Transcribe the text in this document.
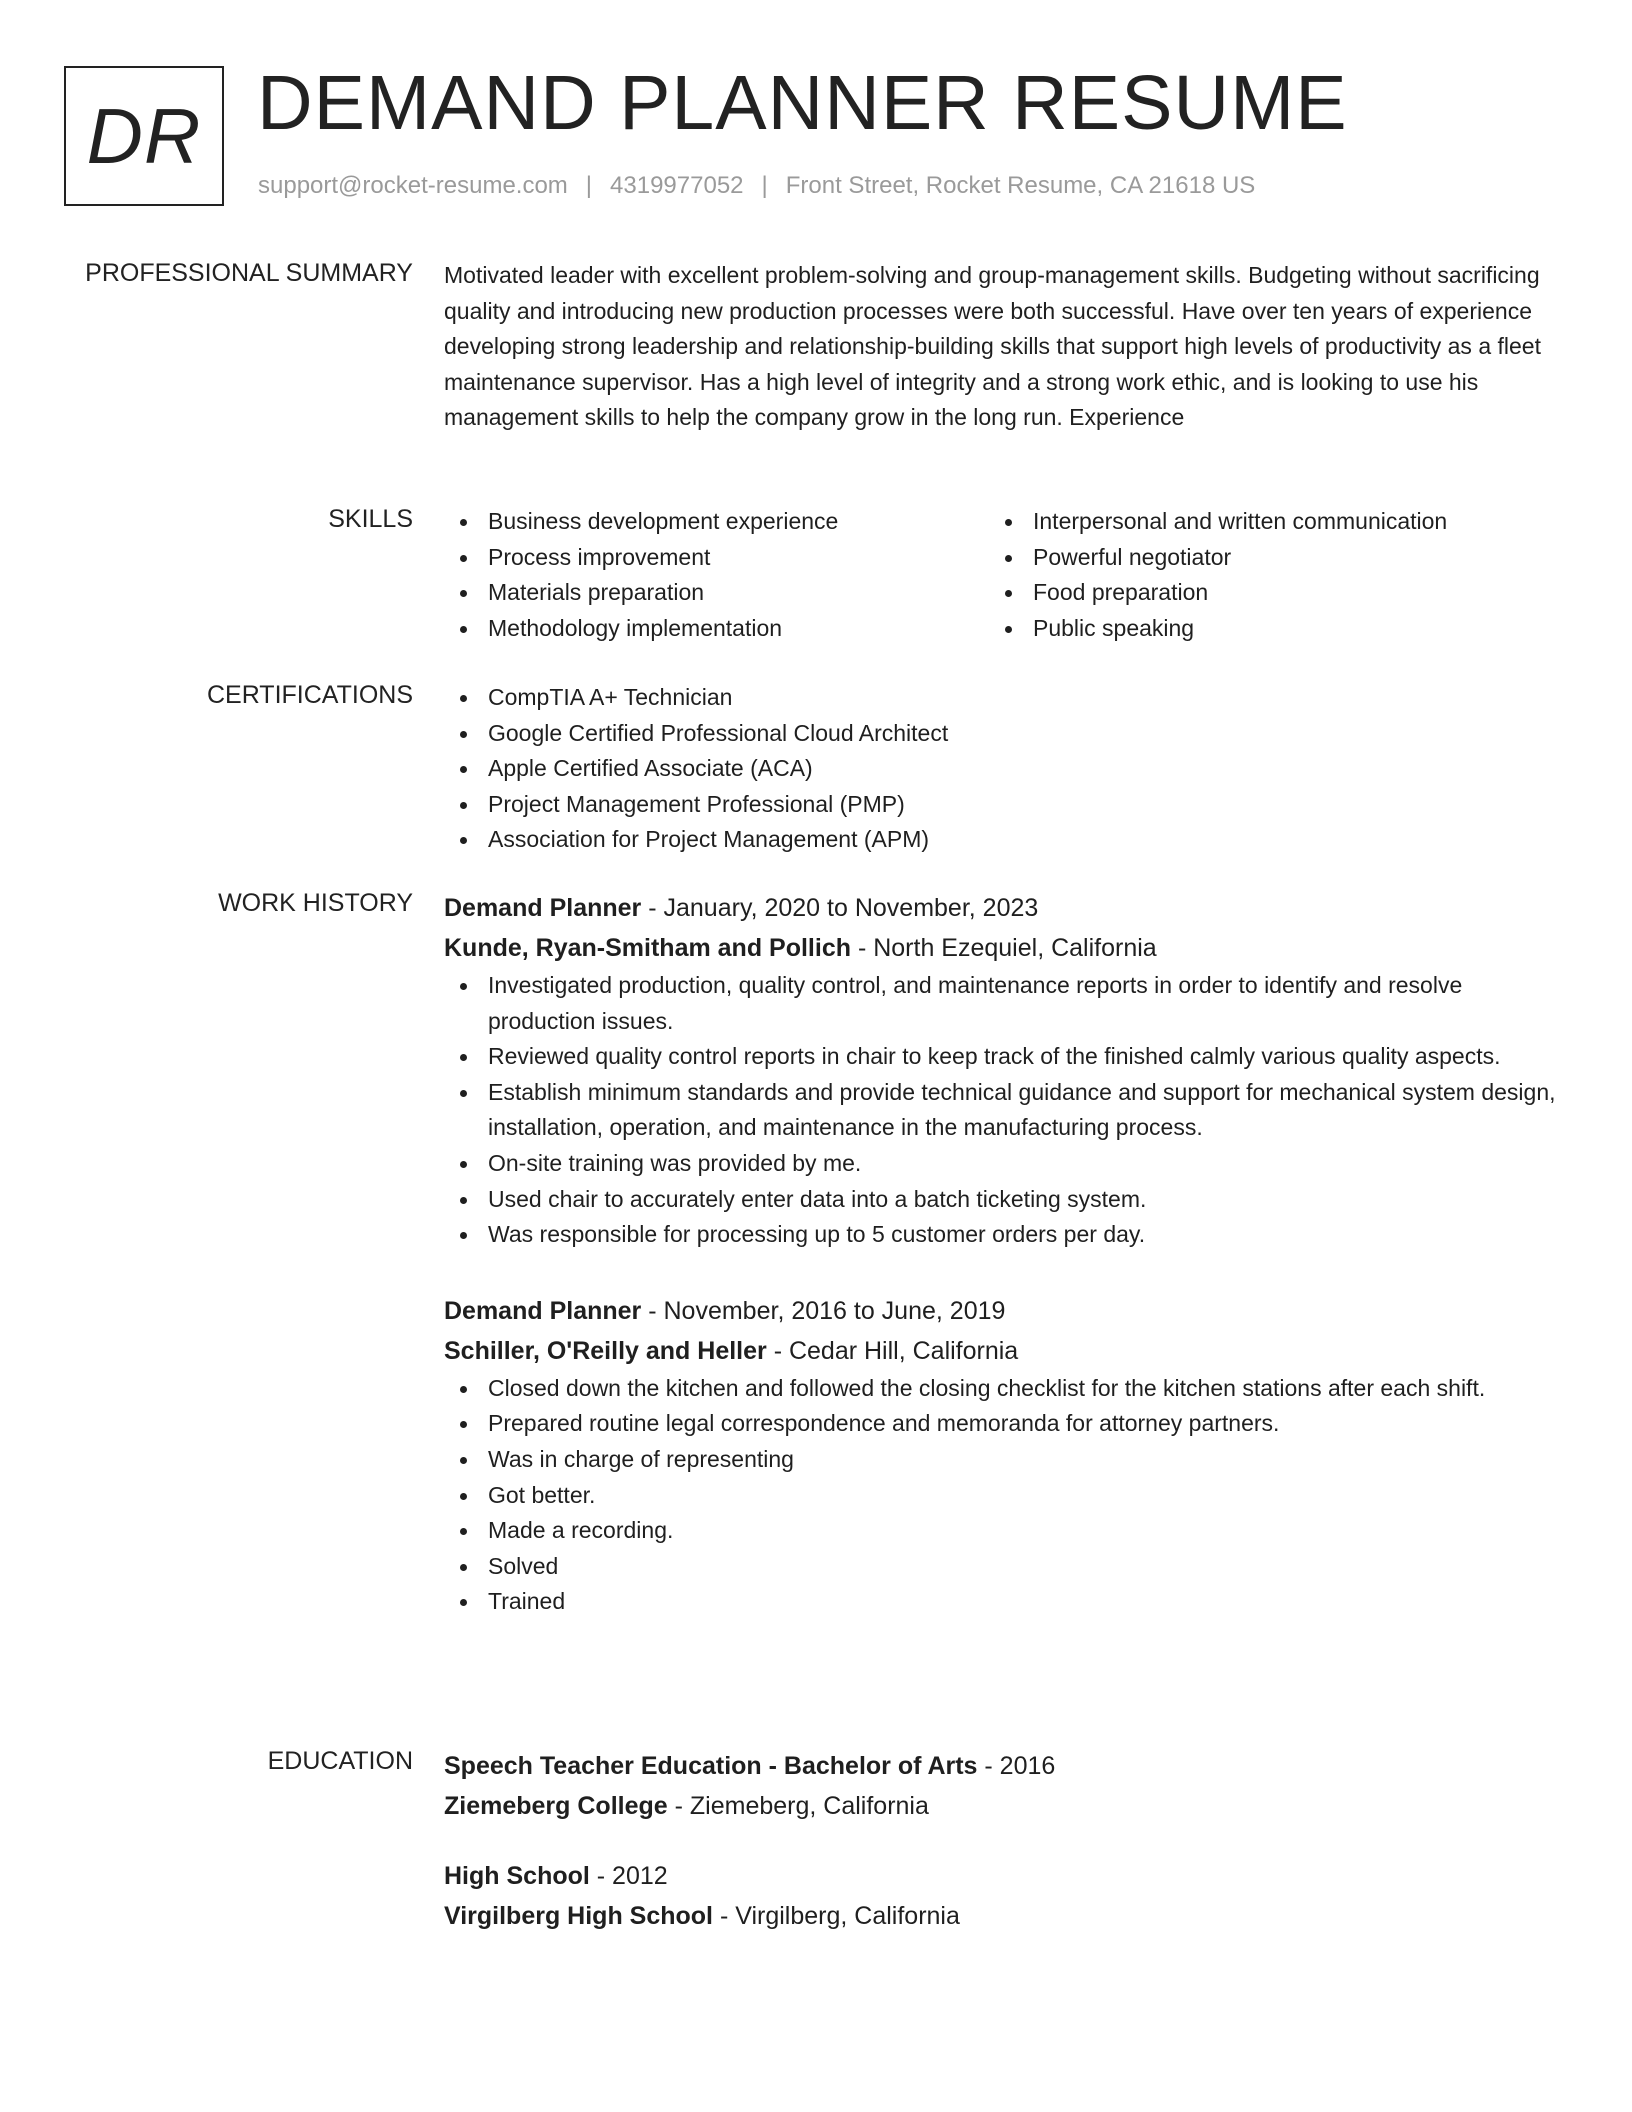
DR DEMAND PLANNER RESUME
support@rocket-resume.com | 4319977052 | Front Street, Rocket Resume, CA 21618 US
PROFESSIONAL SUMMARY Motivated leader with excellent problem-solving and group-management skills. Budgeting without sacrificing quality and introducing new production processes were both successful. Have over ten years of experience developing strong leadership and relationship-building skills that support high levels of productivity as a fleet maintenance supervisor. Has a high level of integrity and a strong work ethic, and is looking to use his management skills to help the company grow in the long run. Experience

SKILLS	Business development experience
Process improvement
Materials preparation
Methodology implementation
Interpersonal and written communication
Powerful negotiator
Food preparation
Public speaking
CERTIFICATIONS	CompTIA A+ Technician
Google Certified Professional Cloud Architect
Apple Certified Associate (ACA)
Project Management Professional (PMP)
Association for Project Management (APM)
WORK HISTORY Demand Planner - January, 2020 to November, 2023
Kunde, Ryan-Smitham and Pollich - North Ezequiel, California
Investigated production, quality control, and maintenance reports in order to identify and resolve production issues.
Reviewed quality control reports in chair to keep track of the finished calmly various quality aspects.
Establish minimum standards and provide technical guidance and support for mechanical system design, installation, operation, and maintenance in the manufacturing process.
On-site training was provided by me.
Used chair to accurately enter data into a batch ticketing system.
Was responsible for processing up to 5 customer orders per day.
Demand Planner - November, 2016 to June, 2019
Schiller, O'Reilly and Heller - Cedar Hill, California
Closed down the kitchen and followed the closing checklist for the kitchen stations after each shift.
Prepared routine legal correspondence and memoranda for attorney partners.
Was in charge of representing
Got better.
Made a recording.
Solved
Trained
EDUCATION Speech Teacher Education - Bachelor of Arts - 2016
Ziemeberg College - Ziemeberg, California
High School - 2012
Virgilberg High School - Virgilberg, California
